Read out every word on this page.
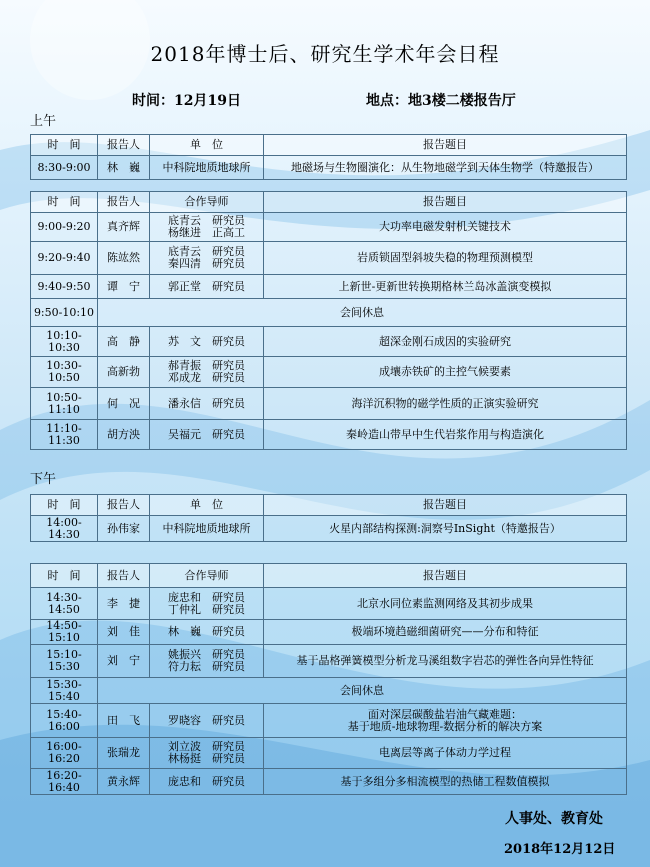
2018年博士后、研究生学术年会日程
时间：12月19日	地点：地3楼二楼报告厅
上午
时　间	报告人	单　位	报告题目
8:30-9:00	林　巍	中科院地质地球所	地磁场与生物圈演化：从生物地磁学到天体生物学（特邀报告）
时　间	报告人	合作导师	报告题目
9:00-9:20	真齐辉	底青云　研究员
杨继进　正高工	大功率电磁发射机关键技术
9:20-9:40	陈竑然	底青云　研究员
秦四清　研究员	岩质锁固型斜坡失稳的物理预测模型
9:40-9:50	谭　宁	郭正堂　研究员	上新世-更新世转换期格林兰岛冰盖演变模拟
9:50-10:10	会间休息		
10:10-10:30	高　静	苏　文　研究员	超深金刚石成因的实验研究
10:30-10:50	高新勃	郝青振　研究员
邓成龙　研究员	成壤赤铁矿的主控气候要素
10:50-11:10	何　况	潘永信　研究员	海洋沉积物的磁学性质的正演实验研究
11:10-11:30	胡方泱	吴福元　研究员	秦岭造山带早中生代岩浆作用与构造演化
下午
时　间	报告人	单　位	报告题目
14:00-14:30	孙伟家	中科院地质地球所	火星内部结构探测:洞察号InSight（特邀报告）
时　间	报告人	合作导师	报告题目
14:30-14:50	李　捷	庞忠和　研究员
丁仲礼　研究员	北京水同位素监测网络及其初步成果
14:50-15:10	刘　佳	林　巍　研究员	极端环境趋磁细菌研究——分布和特征
15:10-15:30	刘　宁	姚振兴　研究员
符力耘　研究员	基于晶格弹簧模型分析龙马溪组数字岩芯的弹性各向异性特征
15:30-15:40	会间休息		
15:40-16:00	田　飞	罗晓容　研究员	面对深层碳酸盐岩油气藏难题：
基于地质-地球物理-数据分析的解决方案
16:00-16:20	张瑞龙	刘立波　研究员
林杨挺　研究员	电离层等离子体动力学过程
16:20-16:40	黄永辉	庞忠和　研究员	基于多组分多相流模型的热储工程数值模拟
人事处、教育处
2018年12月12日
